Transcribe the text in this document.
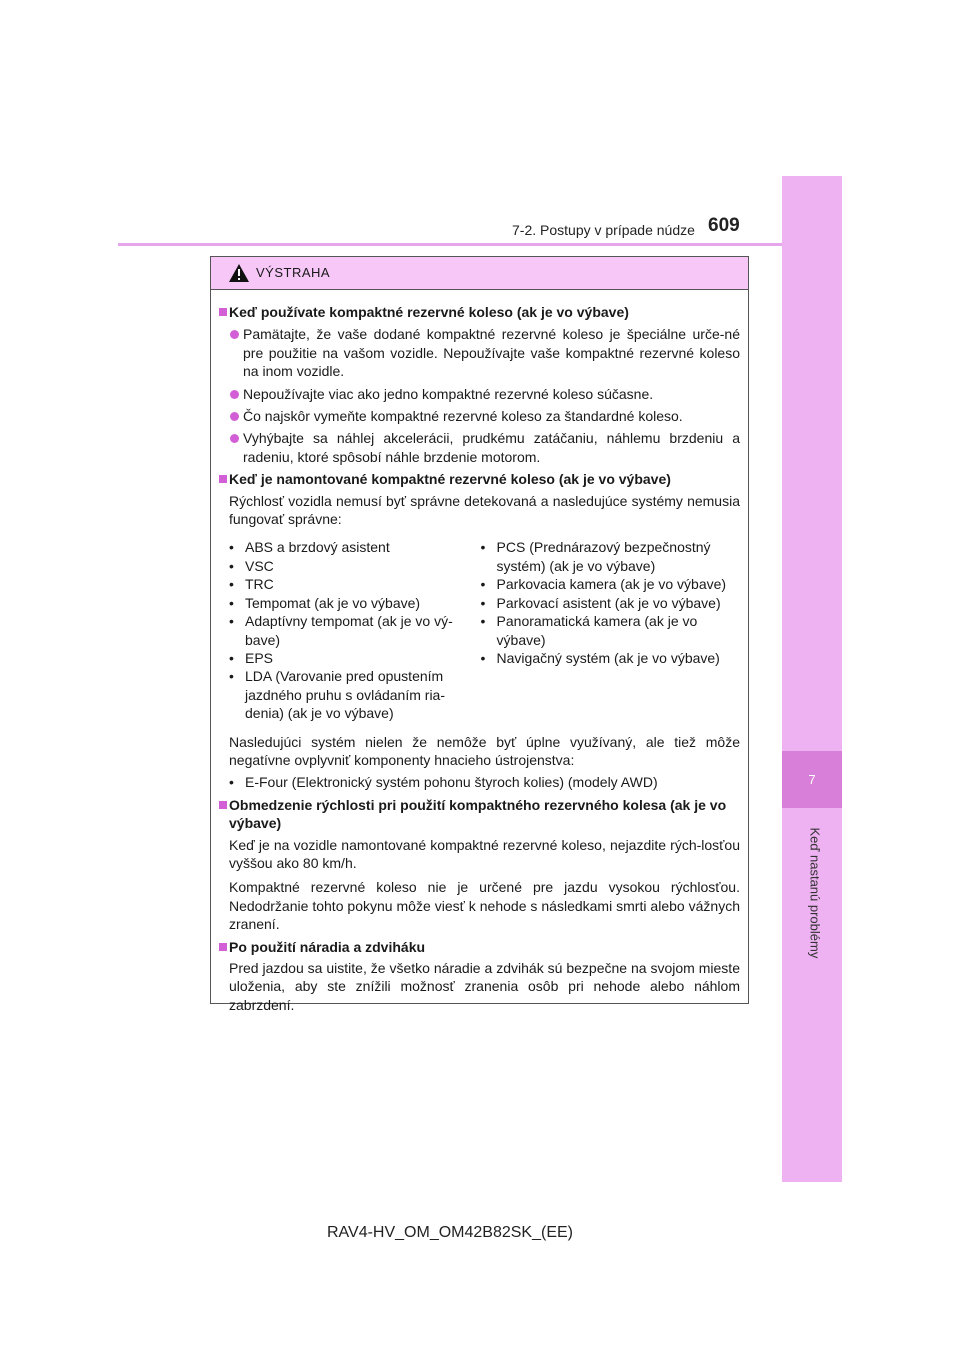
7
Keď nastanú problémy
7-2. Postupy v prípade núdze 609
VÝSTRAHA
Keď používate kompaktné rezervné koleso (ak je vo výbave)
Pamätajte, že vaše dodané kompaktné rezervné koleso je špeciálne urče-né pre použitie na vašom vozidle. Nepoužívajte vaše kompaktné rezervné koleso na inom vozidle.
Nepoužívajte viac ako jedno kompaktné rezervné koleso súčasne.
Čo najskôr vymeňte kompaktné rezervné koleso za štandardné koleso.
Vyhýbajte sa náhlej akcelerácii, prudkému zatáčaniu, náhlemu brzdeniu a radeniu, ktoré spôsobí náhle brzdenie motorom.
Keď je namontované kompaktné rezervné koleso (ak je vo výbave)
Rýchlosť vozidla nemusí byť správne detekovaná a nasledujúce systémy nemusia fungovať správne:
• ABS a brzdový asistent
• VSC
• TRC
• Tempomat (ak je vo výbave)
• Adaptívny tempomat (ak je vo vý-bave)
• EPS
• LDA (Varovanie pred opustením jazdného pruhu s ovládaním ria-denia) (ak je vo výbave)
• PCS (Prednárazový bezpečnostný systém) (ak je vo výbave)
• Parkovacia kamera (ak je vo výbave)
• Parkovací asistent (ak je vo výbave)
• Panoramatická kamera (ak je vo výbave)
• Navigačný systém (ak je vo výbave)
Nasledujúci systém nielen že nemôže byť úplne využívaný, ale tiež môže negatívne ovplyvniť komponenty hnacieho ústrojenstva:
• E-Four (Elektronický systém pohonu štyroch kolies) (modely AWD)
Obmedzenie rýchlosti pri použití kompaktného rezervného kolesa (ak je vo výbave)
Keď je na vozidle namontované kompaktné rezervné koleso, nejazdite rých-losťou vyššou ako 80 km/h.
Kompaktné rezervné koleso nie je určené pre jazdu vysokou rýchlosťou. Nedodržanie tohto pokynu môže viesť k nehode s následkami smrti alebo vážnych zranení.
Po použití náradia a zdviháku
Pred jazdou sa uistite, že všetko náradie a zdvihák sú bezpečne na svojom mieste uloženia, aby ste znížili možnosť zranenia osôb pri nehode alebo náhlom zabrzdení.
RAV4-HV_OM_OM42B82SK_(EE)
